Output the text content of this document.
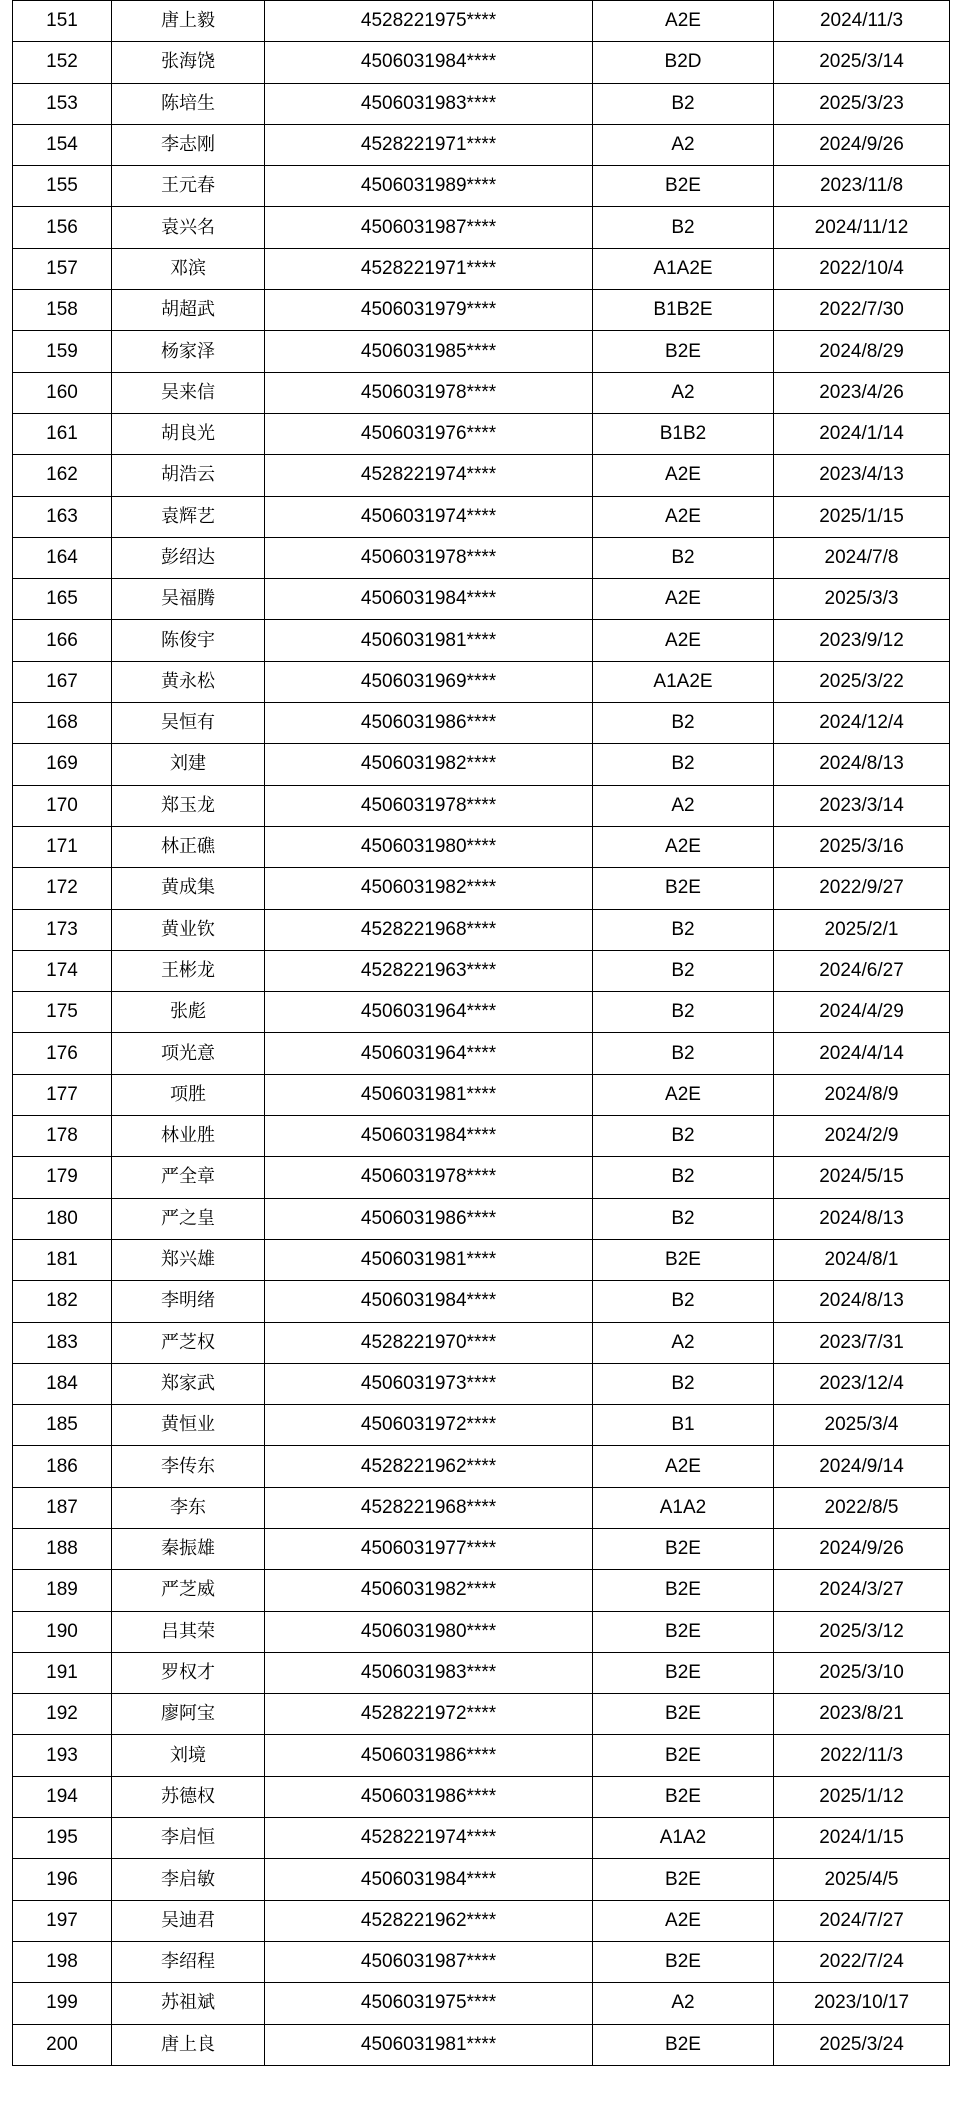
151	唐上毅	4528221975****	A2E	2024/11/3
152	张海饶	4506031984****	B2D	2025/3/14
153	陈培生	4506031983****	B2	2025/3/23
154	李志刚	4528221971****	A2	2024/9/26
155	王元春	4506031989****	B2E	2023/11/8
156	袁兴名	4506031987****	B2	2024/11/12
157	邓滨	4528221971****	A1A2E	2022/10/4
158	胡超武	4506031979****	B1B2E	2022/7/30
159	杨家泽	4506031985****	B2E	2024/8/29
160	吴来信	4506031978****	A2	2023/4/26
161	胡良光	4506031976****	B1B2	2024/1/14
162	胡浩云	4528221974****	A2E	2023/4/13
163	袁辉艺	4506031974****	A2E	2025/1/15
164	彭绍达	4506031978****	B2	2024/7/8
165	吴福腾	4506031984****	A2E	2025/3/3
166	陈俊宇	4506031981****	A2E	2023/9/12
167	黄永松	4506031969****	A1A2E	2025/3/22
168	吴恒有	4506031986****	B2	2024/12/4
169	刘建	4506031982****	B2	2024/8/13
170	郑玉龙	4506031978****	A2	2023/3/14
171	林正礁	4506031980****	A2E	2025/3/16
172	黄成集	4506031982****	B2E	2022/9/27
173	黄业钦	4528221968****	B2	2025/2/1
174	王彬龙	4528221963****	B2	2024/6/27
175	张彪	4506031964****	B2	2024/4/29
176	项光意	4506031964****	B2	2024/4/14
177	项胜	4506031981****	A2E	2024/8/9
178	林业胜	4506031984****	B2	2024/2/9
179	严全章	4506031978****	B2	2024/5/15
180	严之皇	4506031986****	B2	2024/8/13
181	郑兴雄	4506031981****	B2E	2024/8/1
182	李明绪	4506031984****	B2	2024/8/13
183	严芝权	4528221970****	A2	2023/7/31
184	郑家武	4506031973****	B2	2023/12/4
185	黄恒业	4506031972****	B1	2025/3/4
186	李传东	4528221962****	A2E	2024/9/14
187	李东	4528221968****	A1A2	2022/8/5
188	秦振雄	4506031977****	B2E	2024/9/26
189	严芝威	4506031982****	B2E	2024/3/27
190	吕其荣	4506031980****	B2E	2025/3/12
191	罗权才	4506031983****	B2E	2025/3/10
192	廖阿宝	4528221972****	B2E	2023/8/21
193	刘境	4506031986****	B2E	2022/11/3
194	苏德权	4506031986****	B2E	2025/1/12
195	李启恒	4528221974****	A1A2	2024/1/15
196	李启敏	4506031984****	B2E	2025/4/5
197	吴迪君	4528221962****	A2E	2024/7/27
198	李绍程	4506031987****	B2E	2022/7/24
199	苏祖斌	4506031975****	A2	2023/10/17
200	唐上良	4506031981****	B2E	2025/3/24
